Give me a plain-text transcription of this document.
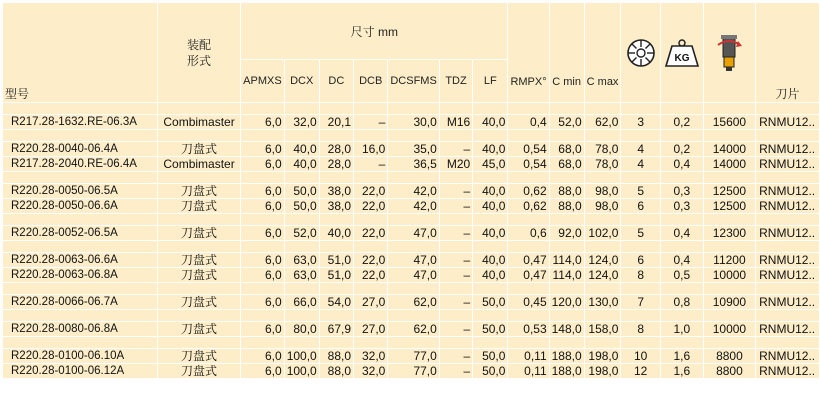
型号	装配
形式	尺寸 mm							RMPX°	C min	C max		KG		刀片
		APMXS	DCX	DC	DCB	DCSFMS	TDZ	LF							

R217.28-1632.RE-06.3A	Combimaster	6,0	32,0	20,1	–	30,0	M16	40,0	0,4	52,0	62,0	3	0,2	15600	RNMU12..

R220.28-0040-06.4A	刀盘式	6,0	40,0	28,0	16,0	35,0	–	40,0	0,54	68,0	78,0	4	0,2	14000	RNMU12..
R217.28-2040.RE-06.4A	Combimaster	6,0	40,0	28,0	–	36,5	M20	45,0	0,54	68,0	78,0	4	0,4	14000	RNMU12..

R220.28-0050-06.5A	刀盘式	6,0	50,0	38,0	22,0	42,0	–	40,0	0,62	88,0	98,0	5	0,3	12500	RNMU12..
R220.28-0050-06.6A	刀盘式	6,0	50,0	38,0	22,0	42,0	–	40,0	0,62	88,0	98,0	6	0,3	12500	RNMU12..

R220.28-0052-06.5A	刀盘式	6,0	52,0	40,0	22,0	47,0	–	40,0	0,6	92,0	102,0	5	0,4	12300	RNMU12..

R220.28-0063-06.6A	刀盘式	6,0	63,0	51,0	22,0	47,0	–	40,0	0,47	114,0	124,0	6	0,4	11200	RNMU12..
R220.28-0063-06.8A	刀盘式	6,0	63,0	51,0	22,0	47,0	–	40,0	0,47	114,0	124,0	8	0,5	10000	RNMU12..

R220.28-0066-06.7A	刀盘式	6,0	66,0	54,0	27,0	62,0	–	50,0	0,45	120,0	130,0	7	0,8	10900	RNMU12..

R220.28-0080-06.8A	刀盘式	6,0	80,0	67,9	27,0	62,0	–	50,0	0,53	148,0	158,0	8	1,0	10000	RNMU12..

R220.28-0100-06.10A	刀盘式	6,0	100,0	88,0	32,0	77,0	–	50,0	0,11	188,0	198,0	10	1,6	8800	RNMU12..
R220.28-0100-06.12A	刀盘式	6,0	100,0	88,0	32,0	77,0	–	50,0	0,11	188,0	198,0	12	1,6	8800	RNMU12..
